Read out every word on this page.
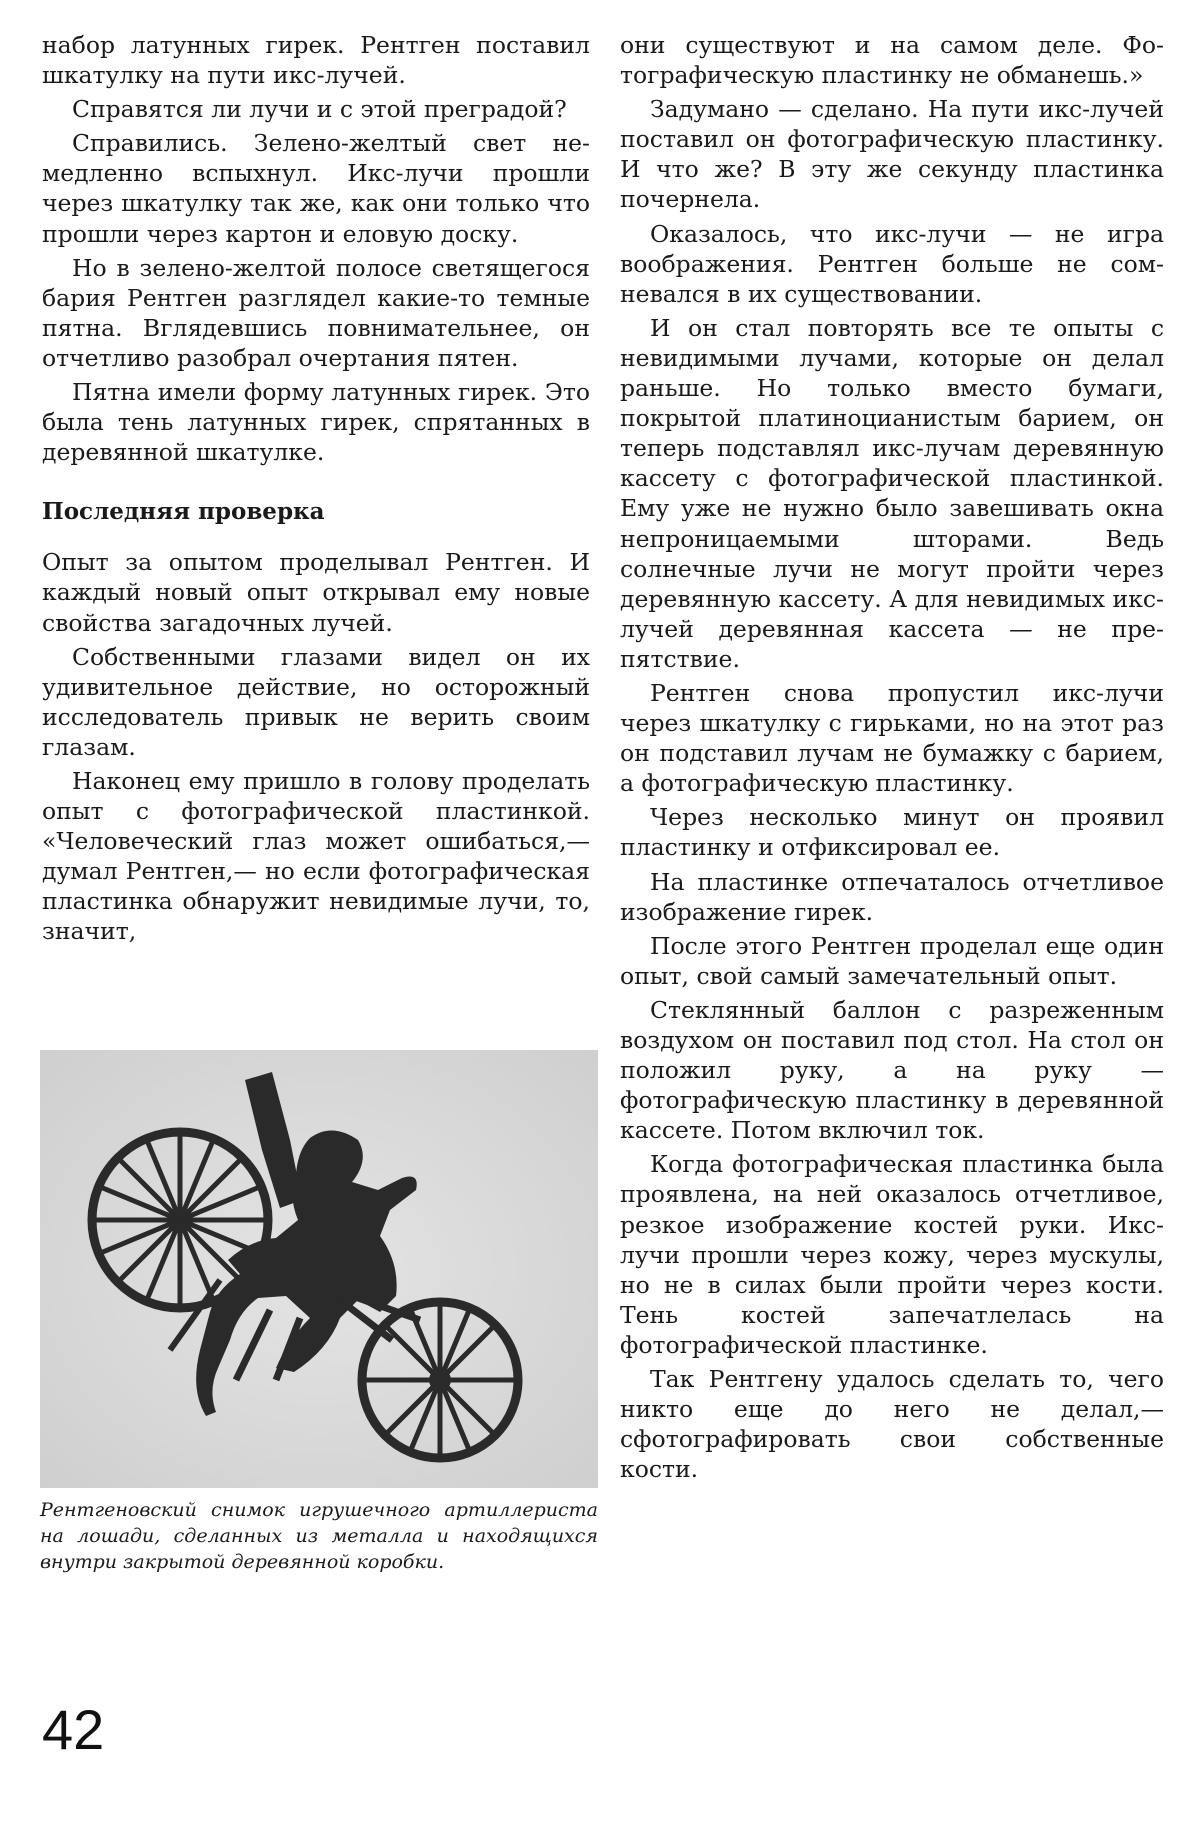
набор латунных гирек. Рентген поставил шкатулку на пути икс-лучей.

Справятся ли лучи и с этой преградой?

Справились. Зелено-желтый свет немедленно вспыхнул. Икс-лучи прошли через шкатулку так же, как они только что прошли через картон и еловую доску.

Но в зелено-желтой полосе светящегося бария Рентген разглядел какие-то темные пятна. Вглядевшись повнимательнее, он отчетливо разобрал очертания пятен.

Пятна имели форму латунных гирек. Это была тень латунных гирек, спрятанных в деревянной шкатулке.

Последняя проверка

Опыт за опытом проделывал Рентген. И каждый новый опыт открывал ему новые свойства загадочных лучей.

Собственными глазами видел он их удивительное действие, но осторожный исследователь привык не верить своим глазам.

Наконец ему пришло в голову проделать опыт с фотографической пластинкой. «Человеческий глаз может ошибаться,— думал Рентген,— но если фотографическая пластинка обнаружит невидимые лучи, то, значит,

Рентгеновский снимок игрушечного артиллериста на лошади, сделанных из металла и находящихся внутри закрытой деревянной коробки.

они существуют и на самом деле. Фотографическую пластинку не обманешь.»

Задумано — сделано. На пути икс-лучей поставил он фотографическую пластинку. И что же? В эту же секунду пластинка почернела.

Оказалось, что икс-лучи — не игра воображения. Рентген больше не сомневался в их существовании.

И он стал повторять все те опыты с невидимыми лучами, которые он делал раньше. Но только вместо бумаги, покрытой платиноцианистым барием, он теперь подставлял икс-лучам деревянную кассету с фотографической пластинкой. Ему уже не нужно было завешивать окна непроницаемыми шторами. Ведь солнечные лучи не могут пройти через деревянную кассету. А для невидимых икс-лучей деревянная кассета — не препятствие.

Рентген снова пропустил икс-лучи через шкатулку с гирьками, но на этот раз он подставил лучам не бумажку с барием, а фотографическую пластинку.

Через несколько минут он проявил пластинку и отфиксировал ее.

На пластинке отпечаталось отчетливое изображение гирек.

После этого Рентген проделал еще один опыт, свой самый замечательный опыт.

Стеклянный баллон с разреженным воздухом он поставил под стол. На стол он положил руку, а на руку — фотографическую пластинку в деревянной кассете. Потом включил ток.

Когда фотографическая пластинка была проявлена, на ней оказалось отчетливое, резкое изображение костей руки. Икс-лучи прошли через кожу, через мускулы, но не в силах были пройти через кости. Тень костей запечатлелась на фотографической пластинке.

Так Рентгену удалось сделать то, чего никто еще до него не делал,— сфотографировать свои собственные кости.

42
